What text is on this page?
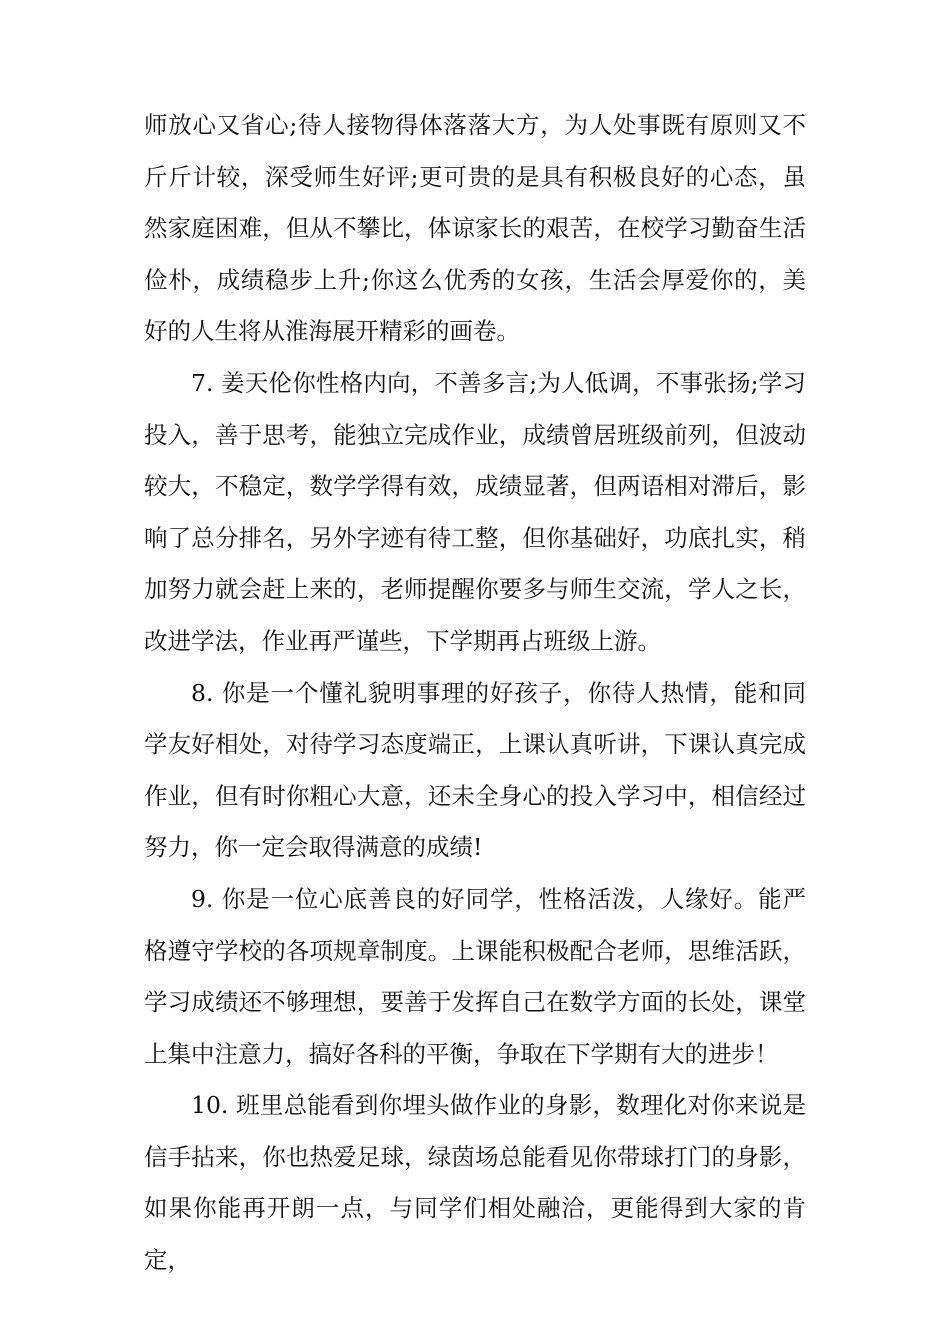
师放心又省心;待人接物得体落落大方，为人处事既有原则又不斤斤计较，深受师生好评;更可贵的是具有积极良好的心态，虽然家庭困难，但从不攀比，体谅家长的艰苦，在校学习勤奋生活俭朴，成绩稳步上升;你这么优秀的女孩，生活会厚爱你的，美好的人生将从淮海展开精彩的画卷。

7. 姜天伦你性格内向，不善多言;为人低调，不事张扬;学习投入，善于思考，能独立完成作业，成绩曾居班级前列，但波动较大，不稳定，数学学得有效，成绩显著，但两语相对滞后，影响了总分排名，另外字迹有待工整，但你基础好，功底扎实，稍加努力就会赶上来的，老师提醒你要多与师生交流，学人之长，改进学法，作业再严谨些，下学期再占班级上游。

8. 你是一个懂礼貌明事理的好孩子，你待人热情，能和同学友好相处，对待学习态度端正，上课认真听讲，下课认真完成作业，但有时你粗心大意，还未全身心的投入学习中，相信经过努力，你一定会取得满意的成绩!

9. 你是一位心底善良的好同学，性格活泼，人缘好。能严格遵守学校的各项规章制度。上课能积极配合老师，思维活跃，学习成绩还不够理想，要善于发挥自己在数学方面的长处，课堂上集中注意力，搞好各科的平衡，争取在下学期有大的进步！

10. 班里总能看到你埋头做作业的身影，数理化对你来说是信手拈来，你也热爱足球，绿茵场总能看见你带球打门的身影，如果你能再开朗一点，与同学们相处融洽，更能得到大家的肯定，
